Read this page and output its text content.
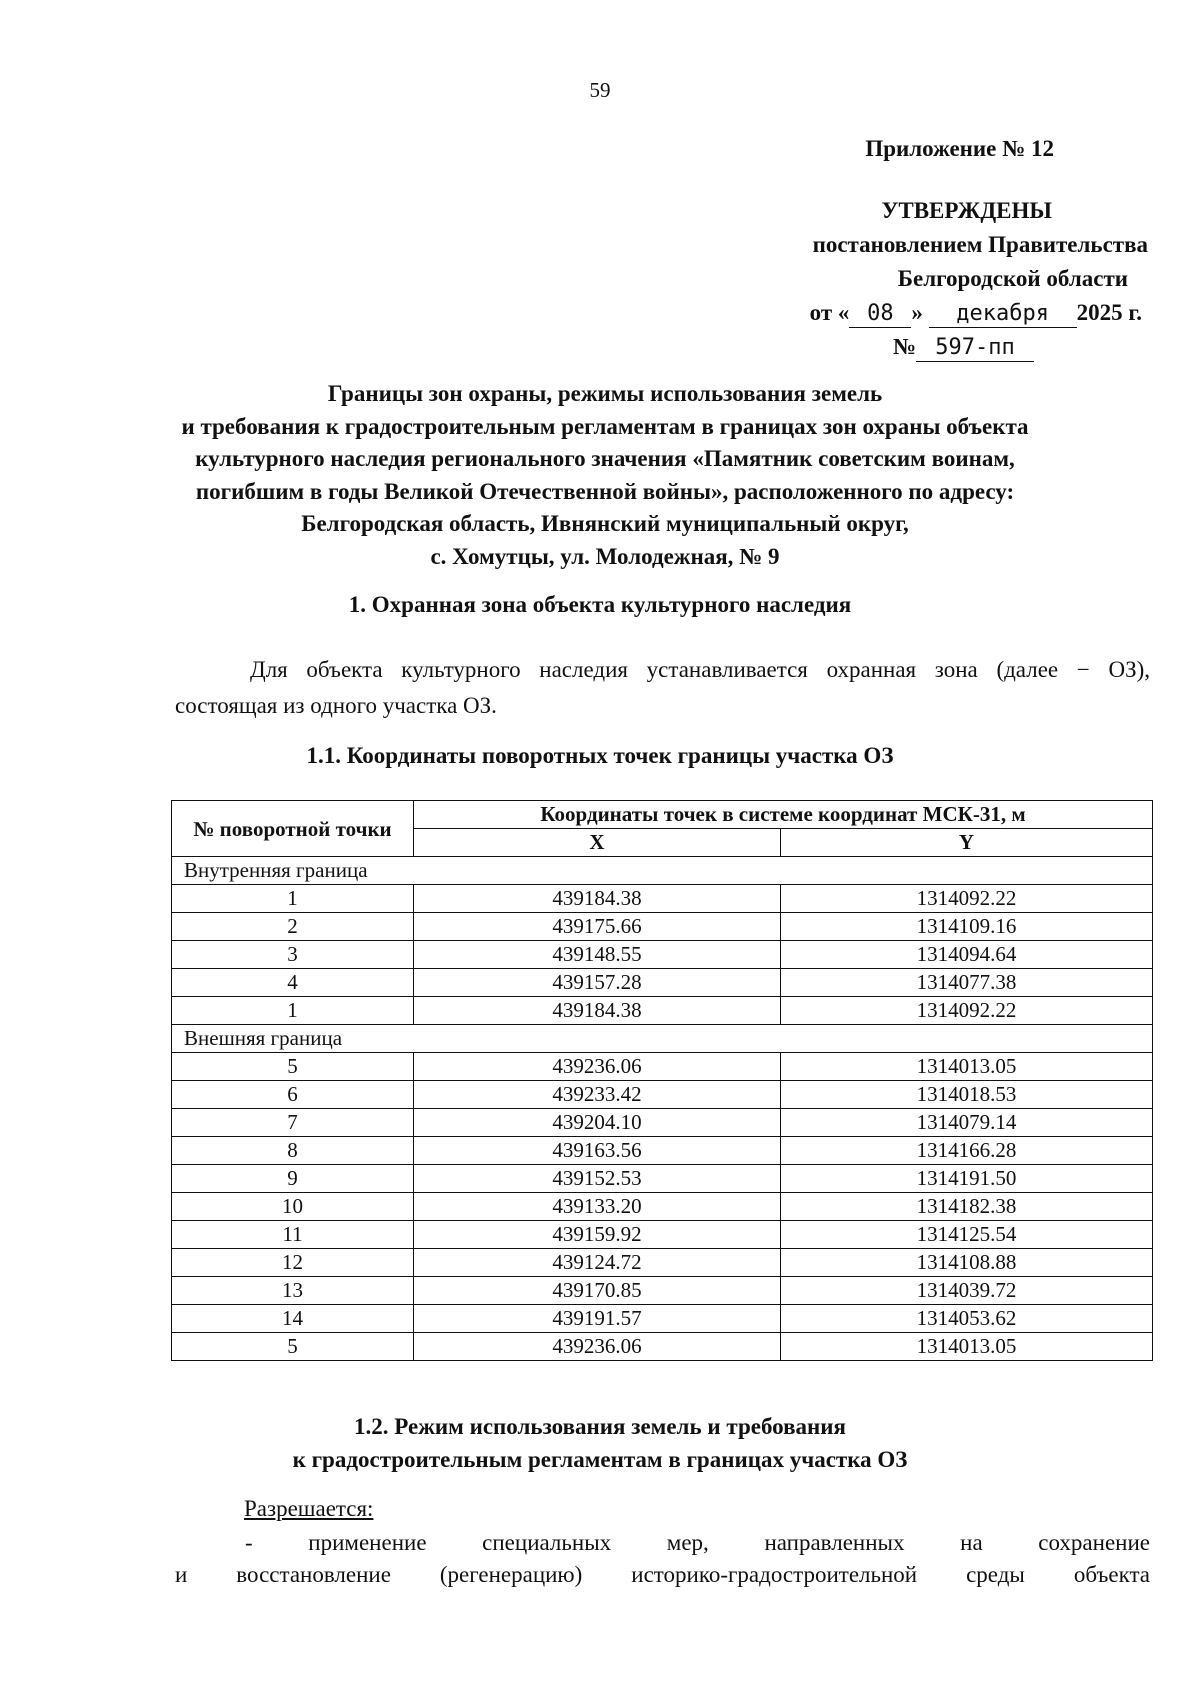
59
Приложение № 12
УТВЕРЖДЕНЫ
постановлением Правительства
Белгородской области
от « 08 » декабря 2025 г.
№ 597-пп
Границы зон охраны, режимы использования земель
и требования к градостроительным регламентам в границах зон охраны объекта
культурного наследия регионального значения «Памятник советским воинам,
погибшим в годы Великой Отечественной войны», расположенного по адресу:
Белгородская область, Ивнянский муниципальный округ,
с. Хомутцы, ул. Молодежная, № 9
1. Охранная зона объекта культурного наследия
Для объекта культурного наследия устанавливается охранная зона (далее − ОЗ),
состоящая из одного участка ОЗ.
1.1. Координаты поворотных точек границы участка ОЗ
№ поворотной точки	Координаты точек в системе координат МСК-31, м	
	X	Y
Внутренняя граница		
1	439184.38	1314092.22
2	439175.66	1314109.16
3	439148.55	1314094.64
4	439157.28	1314077.38
1	439184.38	1314092.22
Внешняя граница		
5	439236.06	1314013.05
6	439233.42	1314018.53
7	439204.10	1314079.14
8	439163.56	1314166.28
9	439152.53	1314191.50
10	439133.20	1314182.38
11	439159.92	1314125.54
12	439124.72	1314108.88
13	439170.85	1314039.72
14	439191.57	1314053.62
5	439236.06	1314013.05
1.2. Режим использования земель и требования
к градостроительным регламентам в границах участка ОЗ
Разрешается:
- применение специальных мер, направленных на сохранение
и восстановление (регенерацию) историко-градостроительной среды объекта
